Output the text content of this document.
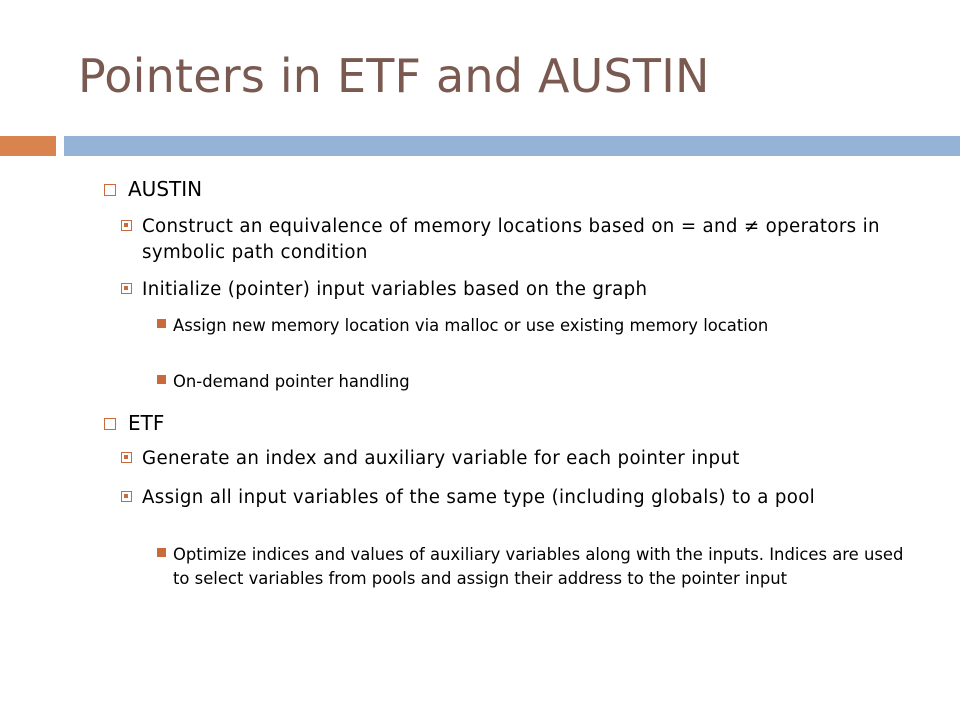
Pointers in ETF and AUSTIN
AUSTIN
Construct an equivalence of memory locations based on = and ≠ operators in symbolic path condition
Initialize (pointer) input variables based on the graph
Assign new memory location via malloc or use existing memory location
On-demand pointer handling
ETF
Generate an index and auxiliary variable for each pointer input
Assign all input variables of the same type (including globals) to a pool
Optimize indices and values of auxiliary variables along with the inputs. Indices are used to select variables from pools and assign their address to the pointer input
